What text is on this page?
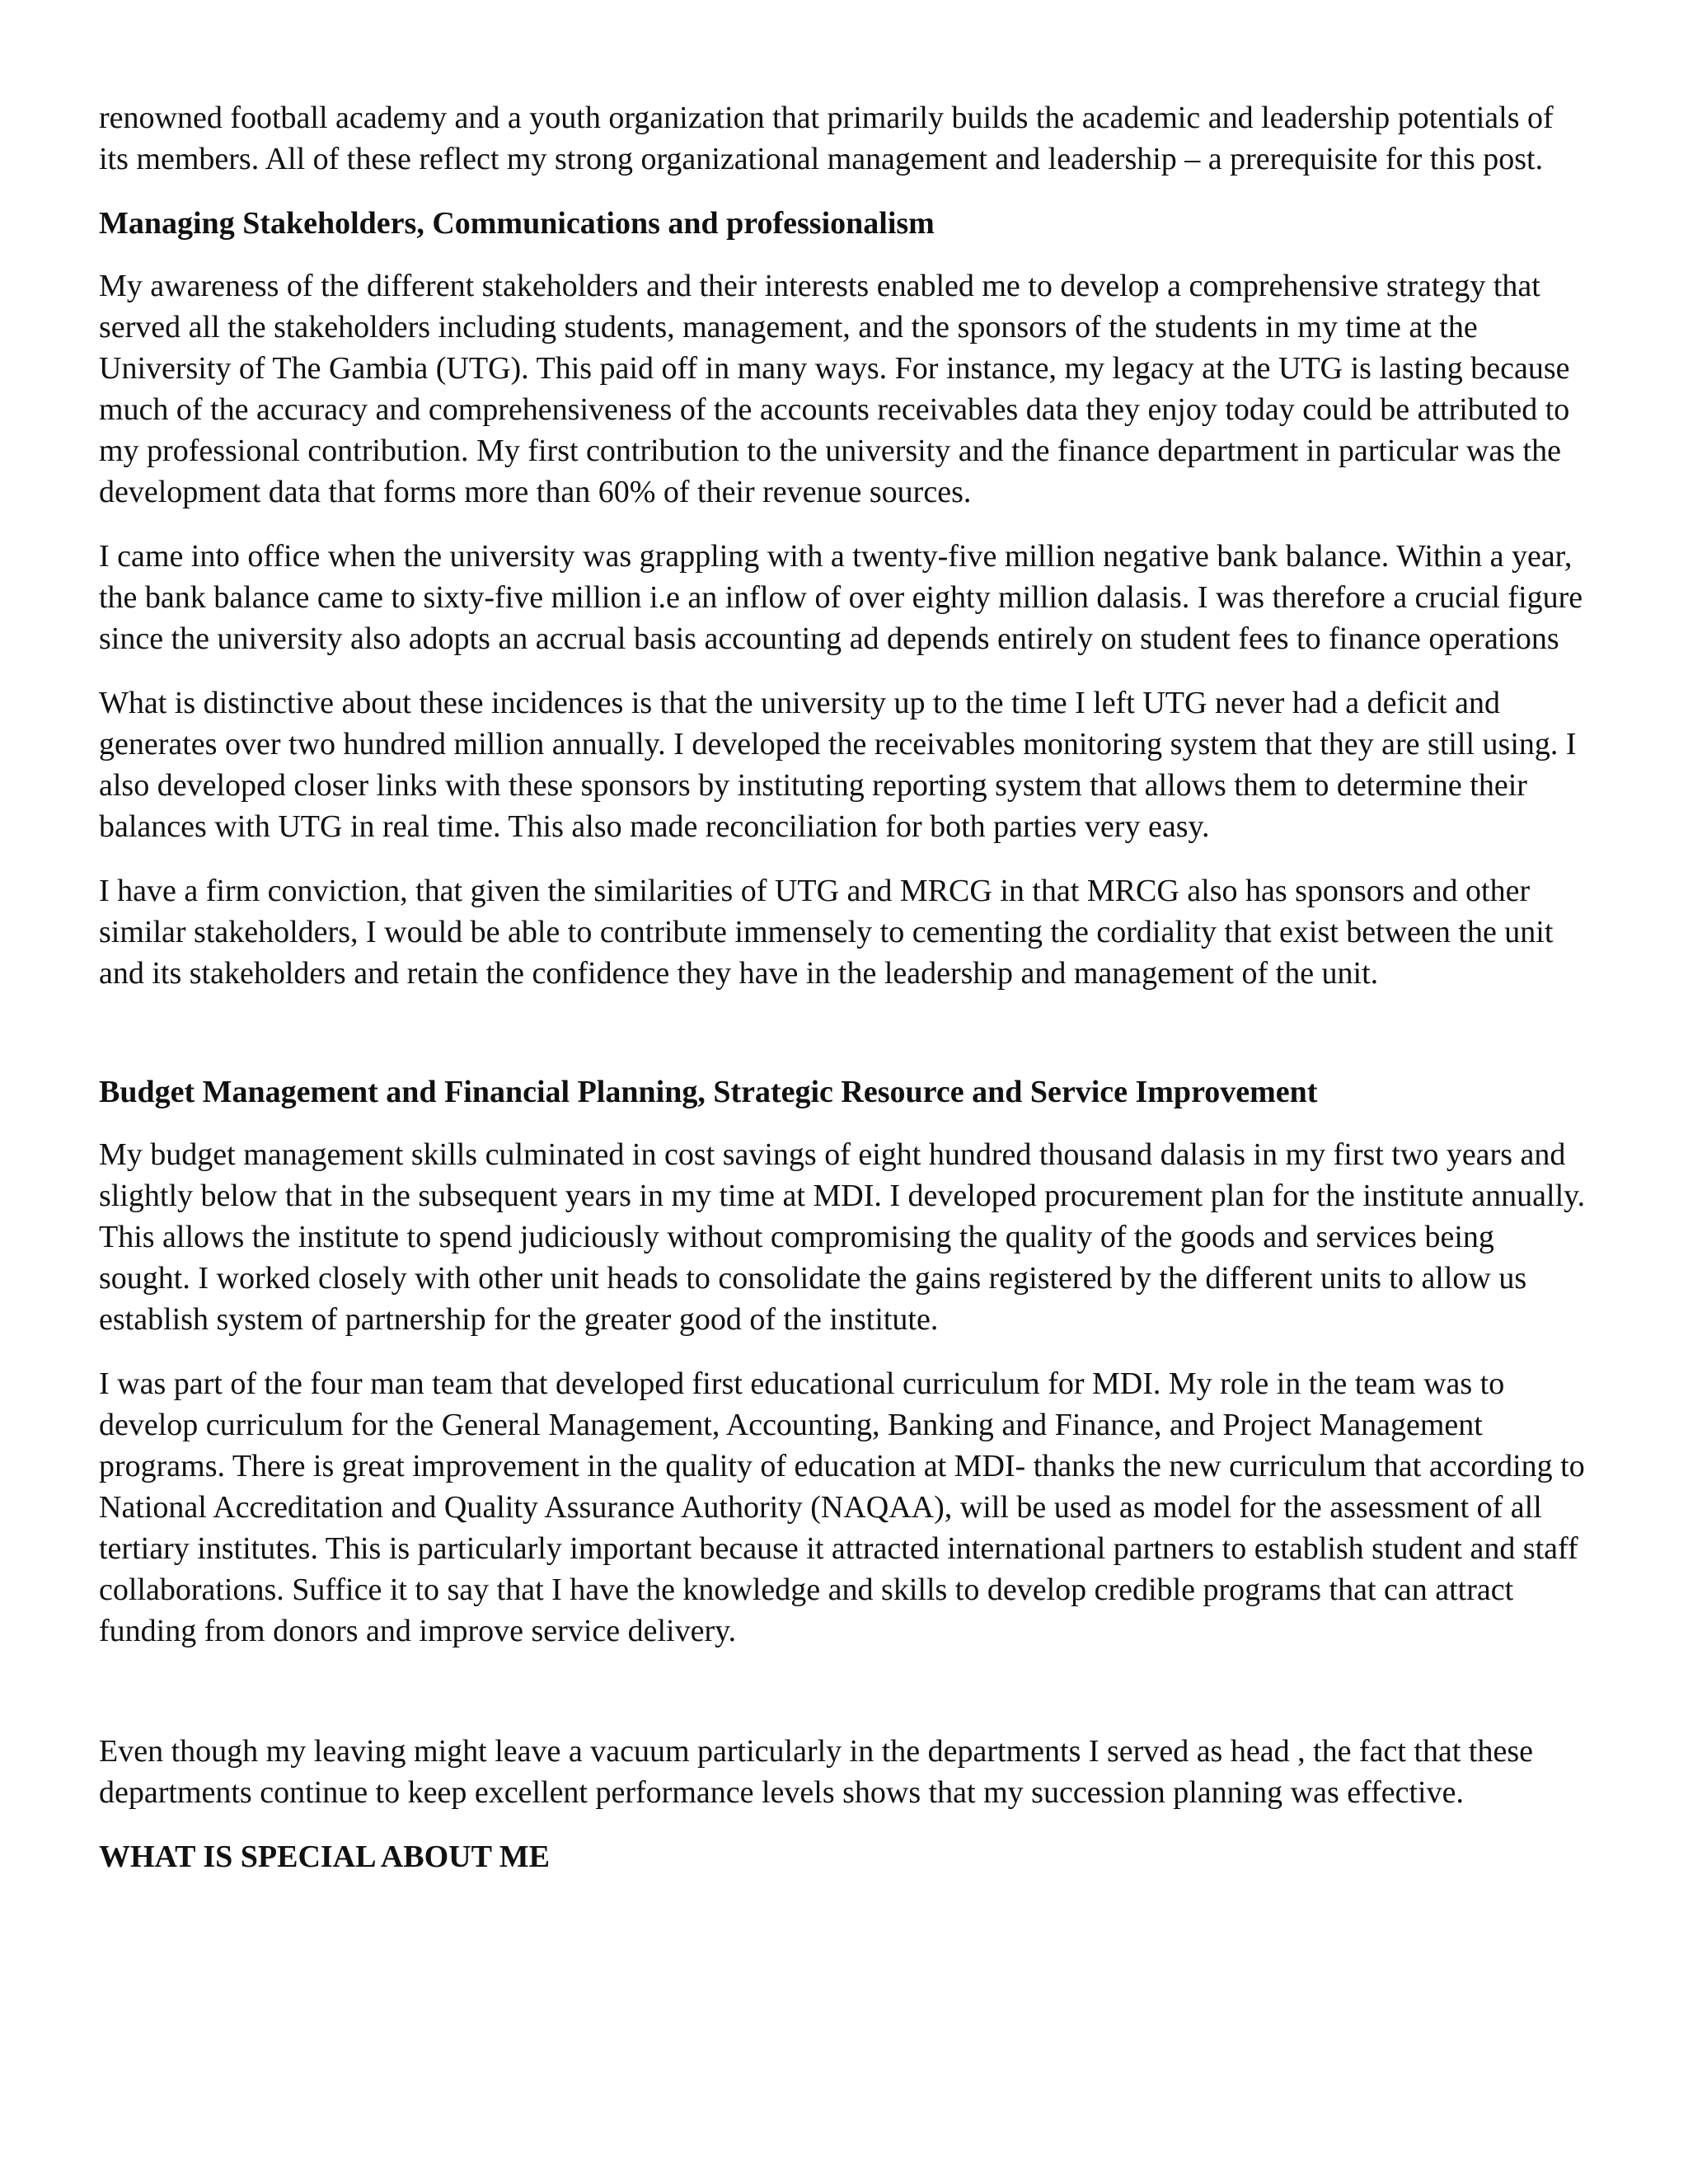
renowned football academy and a youth organization that primarily builds the academic and leadership potentials of its members. All of these reflect my strong organizational management and leadership – a prerequisite for this post.

Managing Stakeholders, Communications and professionalism

My awareness of the different stakeholders and their interests enabled me to develop a comprehensive strategy that served all the stakeholders including students, management, and the sponsors of the students in my time at the University of The Gambia (UTG). This paid off in many ways. For instance, my legacy at the UTG is lasting because much of the accuracy and comprehensiveness of the accounts receivables data they enjoy today could be attributed to my professional contribution. My first contribution to the university and the finance department in particular was the development data that forms more than 60% of their revenue sources.

I came into office when the university was grappling with a twenty-five million negative bank balance. Within a year, the bank balance came to sixty-five million i.e an inflow of over eighty million dalasis. I was therefore a crucial figure since the university also adopts an accrual basis accounting ad depends entirely on student fees to finance operations

What is distinctive about these incidences is that the university up to the time I left UTG never had a deficit and generates over two hundred million annually. I developed the receivables monitoring system that they are still using. I also developed closer links with these sponsors by instituting reporting system that allows them to determine their balances with UTG in real time. This also made reconciliation for both parties very easy.

I have a firm conviction, that given the similarities of UTG and MRCG in that MRCG also has sponsors and other similar stakeholders, I would be able to contribute immensely to cementing the cordiality that exist between the unit and its stakeholders and retain the confidence they have in the leadership and management of the unit.

Budget Management and Financial Planning, Strategic Resource and Service Improvement

My budget management skills culminated in cost savings of eight hundred thousand dalasis in my first two years and slightly below that in the subsequent years in my time at MDI. I developed procurement plan for the institute annually. This allows the institute to spend judiciously without compromising the quality of the goods and services being sought. I worked closely with other unit heads to consolidate the gains registered by the different units to allow us establish system of partnership for the greater good of the institute.

I was part of the four man team that developed first educational curriculum for MDI. My role in the team was to develop curriculum for the General Management, Accounting, Banking and Finance, and Project Management programs. There is great improvement in the quality of education at MDI- thanks the new curriculum that according to National Accreditation and Quality Assurance Authority (NAQAA), will be used as model for the assessment of all tertiary institutes. This is particularly important because it attracted international partners to establish student and staff collaborations. Suffice it to say that I have the knowledge and skills to develop credible programs that can attract funding from donors and improve service delivery.

Even though my leaving might leave a vacuum particularly in the departments I served as head , the fact that these departments continue to keep excellent performance levels shows that my succession planning was effective.

WHAT IS SPECIAL ABOUT ME
